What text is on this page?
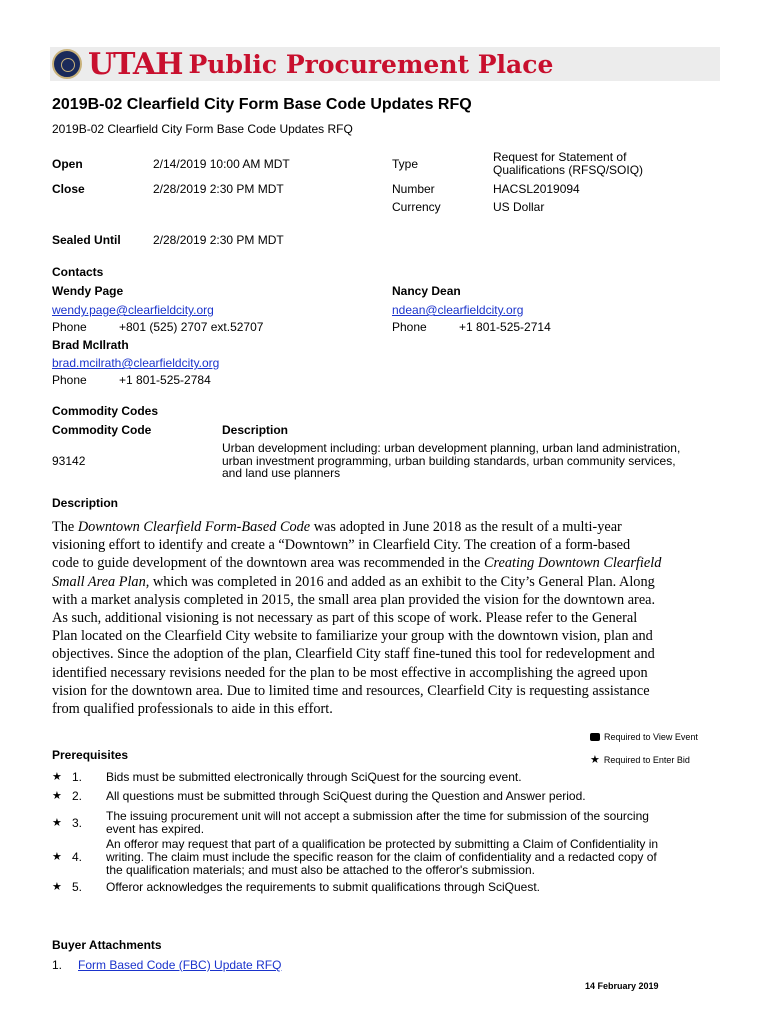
UTAH Public Procurement Place
2019B-02 Clearfield City Form Base Code Updates RFQ
2019B-02 Clearfield City Form Base Code Updates RFQ
Open	2/14/2019 10:00 AM MDT
Close	2/28/2019 2:30 PM MDT
Sealed Until	2/28/2019 2:30 PM MDT
Type	Request for Statement of
Qualifications (RFSQ/SOIQ)
Number	HACSL2019094
Currency	US Dollar
Contacts
Wendy Page
wendy.page@clearfieldcity.org
Phone	+801 (525) 2707 ext.52707
Nancy Dean
ndean@clearfieldcity.org
Phone	+1 801-525-2714
Brad McIlrath
brad.mcilrath@clearfieldcity.org
Phone	+1 801-525-2784
Commodity Codes
Commodity Code	Description
93142
Urban development including: urban development planning, urban land administration,
urban investment programming, urban building standards, urban community services,
and land use planners
Description
The Downtown Clearfield Form-Based Code was adopted in June 2018 as the result of a multi-year
visioning effort to identify and create a “Downtown” in Clearfield City. The creation of a form-based
code to guide development of the downtown area was recommended in the Creating Downtown Clearfield
Small Area Plan, which was completed in 2016 and added as an exhibit to the City’s General Plan. Along
with a market analysis completed in 2015, the small area plan provided the vision for the downtown area.
As such, additional visioning is not necessary as part of this scope of work. Please refer to the General
Plan located on the Clearfield City website to familiarize your group with the downtown vision, plan and
objectives. Since the adoption of the plan, Clearfield City staff fine-tuned this tool for redevelopment and
identified necessary revisions needed for the plan to be most effective in accomplishing the agreed upon
vision for the downtown area. Due to limited time and resources, Clearfield City is requesting assistance
from qualified professionals to aide in this effort.
Required to View Event
★ Required to Enter Bid
Prerequisites
★ 1. Bids must be submitted electronically through SciQuest for the sourcing event.
★ 2. All questions must be submitted through SciQuest during the Question and Answer period.
★ 3. The issuing procurement unit will not accept a submission after the time for submission of the sourcing
event has expired.
★ 4.
An offeror may request that part of a qualification be protected by submitting a Claim of Confidentiality in
writing. The claim must include the specific reason for the claim of confidentiality and a redacted copy of
the qualification materials; and must also be attached to the offeror's submission.
★ 5. Offeror acknowledges the requirements to submit qualifications through SciQuest.
Buyer Attachments
1. Form Based Code (FBC) Update RFQ
14 February 2019
